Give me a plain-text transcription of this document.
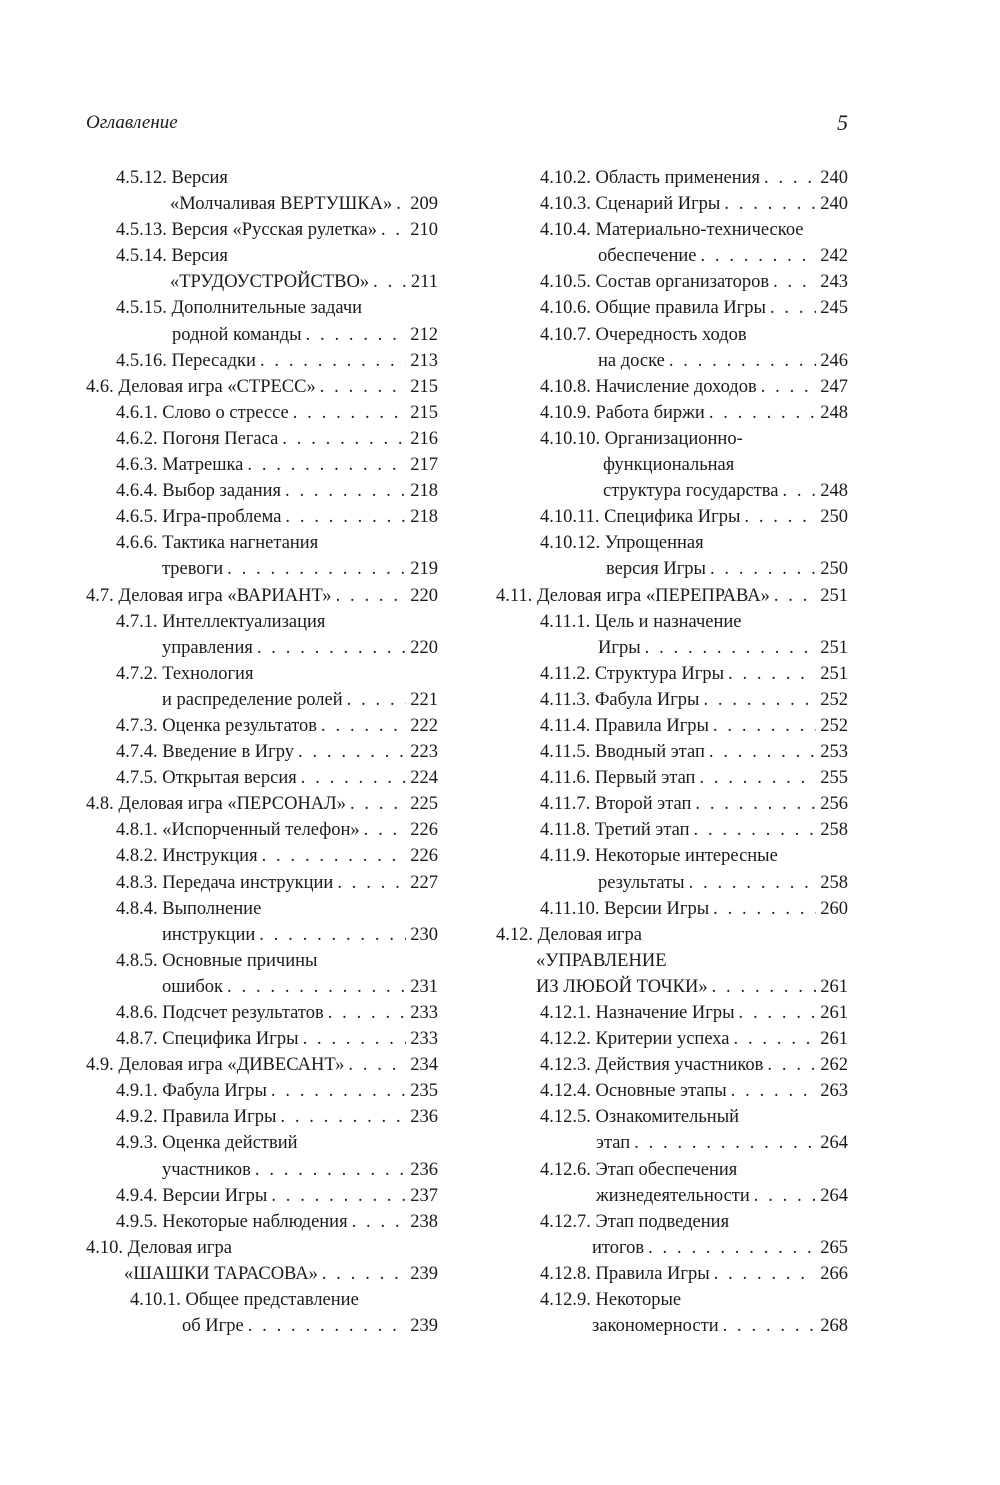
Оглавление	5
4.5.12. Версия
«Молчаливая ВЕРТУШКА» . . . 209
4.5.13. Версия «Русская рулетка» . . . 210
4.5.14. Версия
«ТРУДОУСТРОЙСТВО» . . . 211
4.5.15. Дополнительные задачи
родной команды . . .	212
4.5.16. Пересадки . . .	213
4.6. Деловая игра «СТРЕСС» . . .	215
4.6.1. Слово о стрессе . . .	215
4.6.2. Погоня Пегаса . . .	216
4.6.3. Матрешка . . .	217
4.6.4. Выбор задания . . .	218
4.6.5. Игра-проблема . . .	218
4.6.6. Тактика нагнетания
тревоги . . .	219
4.7. Деловая игра «ВАРИАНТ» . . .	220
4.7.1. Интеллектуализация
управления . . .	220
4.7.2. Технология
и распределение ролей . . .	221
4.7.3. Оценка результатов . . .	222
4.7.4. Введение в Игру . . .	223
4.7.5. Открытая версия . . .	224
4.8. Деловая игра «ПЕРСОНАЛ» . . .	225
4.8.1. «Испорченный телефон» . . .	226
4.8.2. Инструкция . . .	226
4.8.3. Передача инструкции . . .	227
4.8.4. Выполнение
инструкции . . .	230
4.8.5. Основные причины
ошибок . . .	231
4.8.6. Подсчет результатов . . .	233
4.8.7. Специфика Игры . . .	233
4.9. Деловая игра «ДИВЕСАНТ» . . .	234
4.9.1. Фабула Игры . . .	235
4.9.2. Правила Игры . . .	236
4.9.3. Оценка действий
участников . . .	236
4.9.4. Версии Игры . . .	237
4.9.5. Некоторые наблюдения . . .	238
4.10. Деловая игра
«ШАШКИ ТАРАСОВА» . . .	239
4.10.1. Общее представление
об Игре . . .	239
4.10.2. Область применения . . .	240
4.10.3. Сценарий Игры . . .	240
4.10.4. Материально-техническое
обеспечение . . .	242
4.10.5. Состав организаторов . . .	243
4.10.6. Общие правила Игры . . .	245
4.10.7. Очередность ходов
на доске . . .	246
4.10.8. Начисление доходов . . .	247
4.10.9. Работа биржи . . .	248
4.10.10. Организационно-
функциональная
структура государства . . . 248
4.10.11. Специфика Игры . . .	250
4.10.12. Упрощенная
версия Игры . . .	250
4.11. Деловая игра «ПЕРЕПРАВА» . . .	251
4.11.1. Цель и назначение
Игры . . .	251
4.11.2. Структура Игры . . .	251
4.11.3. Фабула Игры . . .	252
4.11.4. Правила Игры . . .	252
4.11.5. Вводный этап . . .	253
4.11.6. Первый этап . . .	255
4.11.7. Второй этап . . .	256
4.11.8. Третий этап . . .	258
4.11.9. Некоторые интересные
результаты . . .	258
4.11.10. Версии Игры . . .	260
4.12. Деловая игра
«УПРАВЛЕНИЕ
ИЗ ЛЮБОЙ ТОЧКИ» . . .	261
4.12.1. Назначение Игры . . .	261
4.12.2. Критерии успеха . . .	261
4.12.3. Действия участников . . .	262
4.12.4. Основные этапы . . .	263
4.12.5. Ознакомительный
этап . . .	264
4.12.6. Этап обеспечения
жизнедеятельности . . .	264
4.12.7. Этап подведения
итогов . . .	265
4.12.8. Правила Игры . . .	266
4.12.9. Некоторые
закономерности . . .	268
